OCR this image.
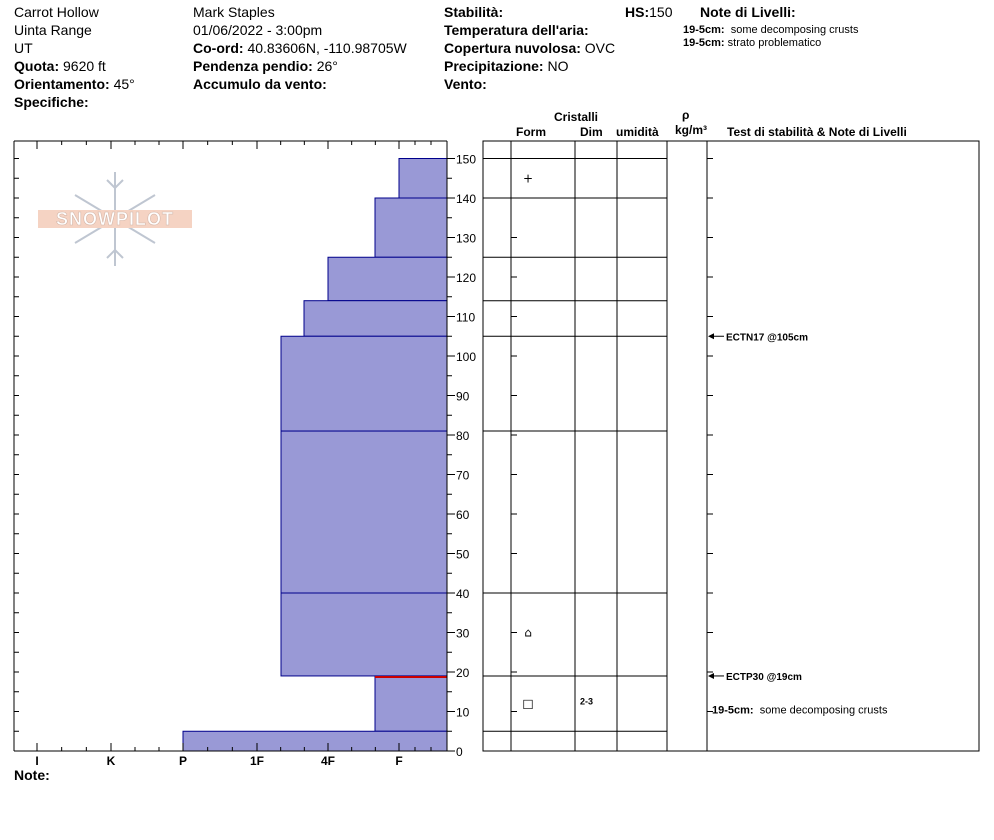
Carrot Hollow
Uinta Range
UT
Quota: 9620 ft
Orientamento: 45°
Specifiche:
Mark Staples
01/06/2022 - 3:00pm
Co-ord: 40.83606N, -110.98705W
Pendenza pendio: 26°
Accumulo da vento:
Stabilità:
Temperatura dell'aria:
Copertura nuvolosa: OVC
Precipitazione: NO
Vento:
HS:150 Note di Livelli:
19-5cm: some decomposing crusts
19-5cm: strato problematico
Cristalli
Form	Dim umidità
ρ
kg/m³ Test di stabilità & Note di Livelli
Note:
SNOWPILOT
0
10
20
30
40
50
60
70
80
90
100
110
120
130
140
150
I	K	P	1F	4F	F
+
⌂
□	2-3
ECTN17 @105cm
ECTP30 @19cm
19-5cm:  some decomposing crusts
